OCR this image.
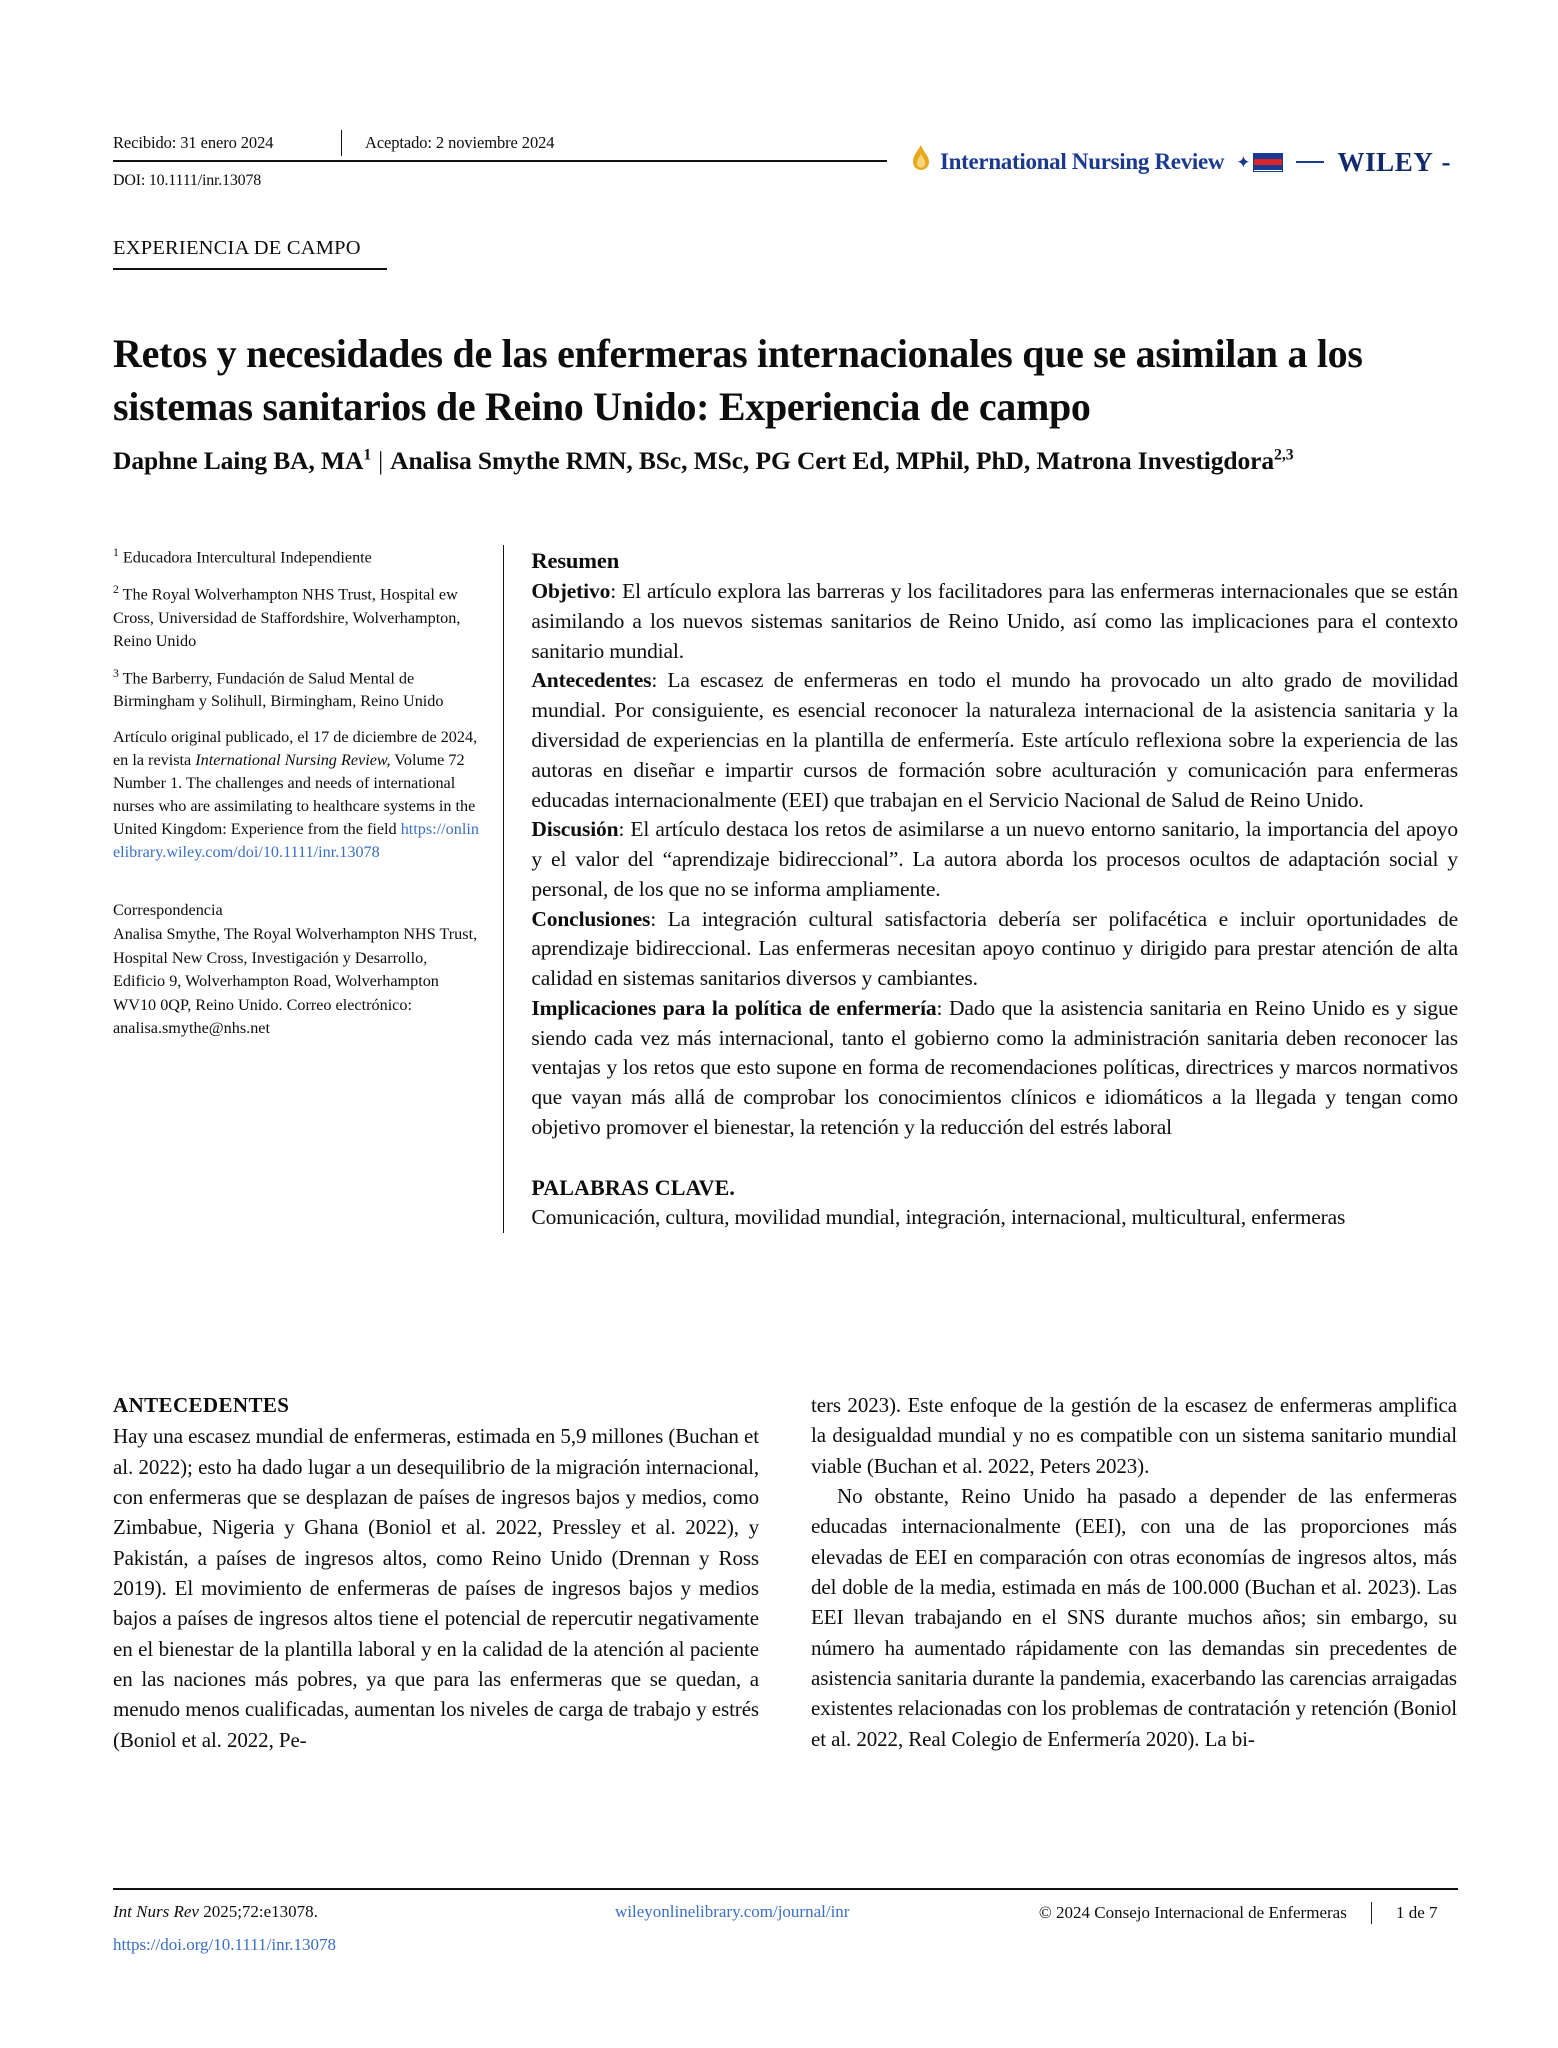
Recibido: 31 enero 2024	Aceptado: 2 noviembre 2024
DOI: 10.1111/inr.13078
International Nursing Review ✦	WILEY -
EXPERIENCIA DE CAMPO
Retos y necesidades de las enfermeras internacionales que se asimilan a los sistemas sanitarios de Reino Unido: Experiencia de campo
Daphne Laing BA, $MA^1$ | Analisa Smythe RMN, BSc, MSc, PG Cert Ed, MPhil, PhD, Matrona Investigdora$^{2,3}$
$^1$ Educadora Intercultural Independiente
$^2$ The Royal Wolverhampton NHS Trust, Hospital ew Cross, Universidad de Staffordshire, Wolverhampton, Reino Unido
$^3$ The Barberry, Fundación de Salud Mental de Birmingham y Solihull, Birmingham, Reino Unido
Artículo original publicado, el 17 de diciembre de 2024, en la revista International Nursing Review, Volume 72 Number 1. The challenges and needs of international nurses who are assimilating to healthcare systems in the United Kingdom: Experience from the field https://onlinelibrary.wiley.com/doi/10.1111/inr.13078
Correspondencia
Analisa Smythe, The Royal Wolverhampton NHS Trust, Hospital New Cross, Investigación y Desarrollo, Edificio 9, Wolverhampton Road, Wolverhampton WV10 0QP, Reino Unido. Correo electrónico: analisa.smythe@nhs.net
Resumen

Objetivo: El artículo explora las barreras y los facilitadores para las enfermeras internacionales que se están asimilando a los nuevos sistemas sanitarios de Reino Unido, así como las implicaciones para el contexto sanitario mundial.

Antecedentes: La escasez de enfermeras en todo el mundo ha provocado un alto grado de movilidad mundial. Por consiguiente, es esencial reconocer la naturaleza internacional de la asistencia sanitaria y la diversidad de experiencias en la plantilla de enfermería. Este artículo reflexiona sobre la experiencia de las autoras en diseñar e impartir cursos de formación sobre aculturación y comunicación para enfermeras educadas internacionalmente (EEI) que trabajan en el Servicio Nacional de Salud de Reino Unido.

Discusión: El artículo destaca los retos de asimilarse a un nuevo entorno sanitario, la importancia del apoyo y el valor del “aprendizaje bidireccional”. La autora aborda los procesos ocultos de adaptación social y personal, de los que no se informa ampliamente.

Conclusiones: La integración cultural satisfactoria debería ser polifacética e incluir oportunidades de aprendizaje bidireccional. Las enfermeras necesitan apoyo continuo y dirigido para prestar atención de alta calidad en sistemas sanitarios diversos y cambiantes.

Implicaciones para la política de enfermería: Dado que la asistencia sanitaria en Reino Unido es y sigue siendo cada vez más internacional, tanto el gobierno como la administración sanitaria deben reconocer las ventajas y los retos que esto supone en forma de recomendaciones políticas, directrices y marcos normativos que vayan más allá de comprobar los conocimientos clínicos e idiomáticos a la llegada y tengan como objetivo promover el bienestar, la retención y la reducción del estrés laboral

PALABRAS CLAVE.
Comunicación, cultura, movilidad mundial, integración, internacional, multicultural, enfermeras
ANTECEDENTES

Hay una escasez mundial de enfermeras, estimada en 5,9 millones (Buchan et al. 2022); esto ha dado lugar a un desequilibrio de la migración internacional, con enfermeras que se desplazan de países de ingresos bajos y medios, como Zimbabue, Nigeria y Ghana (Boniol et al. 2022, Pressley et al. 2022), y Pakistán, a países de ingresos altos, como Reino Unido (Drennan y Ross 2019). El movimiento de enfermeras de países de ingresos bajos y medios bajos a países de ingresos altos tiene el potencial de repercutir negativamente en el bienestar de la plantilla laboral y en la calidad de la atención al paciente en las naciones más pobres, ya que para las enfermeras que se quedan, a menudo menos cualificadas, aumentan los niveles de carga de trabajo y estrés (Boniol et al. 2022, Pe-

ters 2023). Este enfoque de la gestión de la escasez de enfermeras amplifica la desigualdad mundial y no es compatible con un sistema sanitario mundial viable (Buchan et al. 2022, Peters 2023).

No obstante, Reino Unido ha pasado a depender de las enfermeras educadas internacionalmente (EEI), con una de las proporciones más elevadas de EEI en comparación con otras economías de ingresos altos, más del doble de la media, estimada en más de 100.000 (Buchan et al. 2023). Las EEI llevan trabajando en el SNS durante muchos años; sin embargo, su número ha aumentado rápidamente con las demandas sin precedentes de asistencia sanitaria durante la pandemia, exacerbando las carencias arraigadas existentes relacionadas con los problemas de contratación y retención (Boniol et al. 2022, Real Colegio de Enfermería 2020). La bi-

Int Nurs Rev 2025;72:e13078.
https://doi.org/10.1111/inr.13078
wileyonlinelibrary.com/journal/inr	© 2024 Consejo Internacional de Enfermeras	1 de 7
